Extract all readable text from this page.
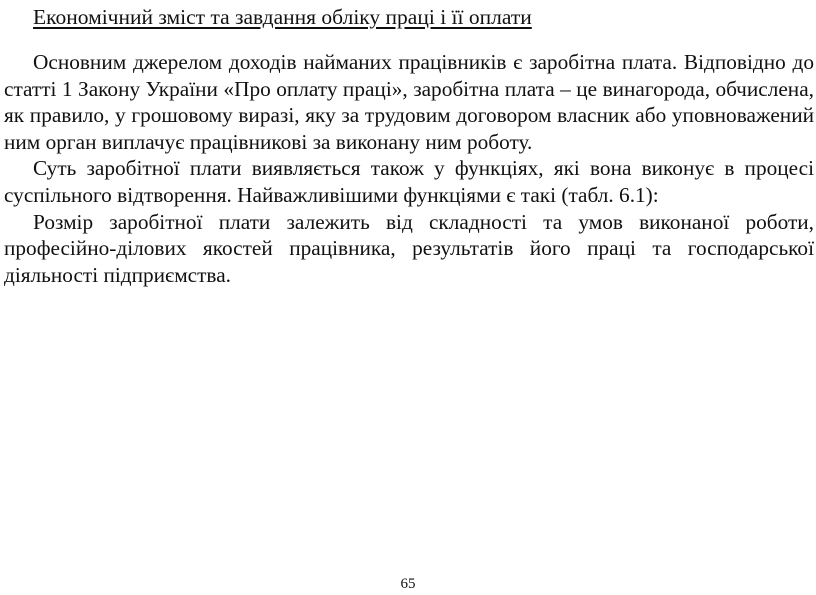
Економічний зміст та завдання обліку праці і її оплати

Основним джерелом доходів найманих працівників є заробітна плата. Відповідно до статті 1 Закону України «Про оплату праці», заробітна плата – це винагорода, обчислена, як правило, у грошовому виразі, яку за трудовим договором власник або уповноважений ним орган виплачує працівникові за виконану ним роботу.

Суть заробітної плати виявляється також у функціях, які вона виконує в процесі суспільного відтворення. Найважливішими функціями є такі (табл. 6.1):

Розмір заробітної плати залежить від складності та умов виконаної роботи, професійно-ділових якостей працівника, результатів його праці та господарської діяльності підприємства.

65
